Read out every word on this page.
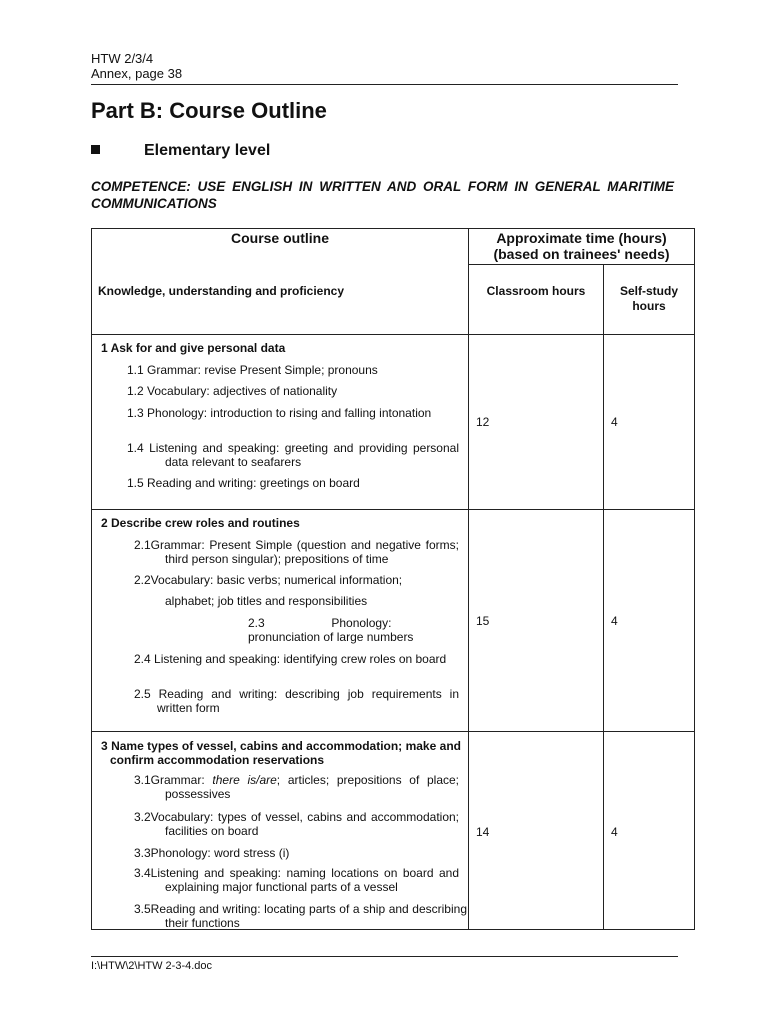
HTW 2/3/4
Annex, page 38
Part B: Course Outline
Elementary level
COMPETENCE: USE ENGLISH IN WRITTEN AND ORAL FORM IN GENERAL MARITIME COMMUNICATIONS
Course outline	Approximate time (hours)
(based on trainees' needs)
Knowledge, understanding and proficiency	Classroom hours	Self-study
hours
1 Ask for and give personal data
1.1 Grammar: revise Present Simple; pronouns
1.2 Vocabulary: adjectives of nationality
1.3 Phonology: introduction to rising and falling intonation
1.4 Listening and speaking: greeting and providing personal data relevant to seafarers
1.5 Reading and writing: greetings on board
12	4
2 Describe crew roles and routines
2.1Grammar: Present Simple (question and negative forms; third person singular); prepositions of time
2.2Vocabulary: basic verbs; numerical information;
alphabet; job titles and responsibilities
2.3                    Phonology:
pronunciation of large numbers
2.4 Listening and speaking: identifying crew roles on board
2.5 Reading and writing: describing job requirements in written form
15	4
3 Name types of vessel, cabins and accommodation; make and confirm accommodation reservations
3.1Grammar: there is/are; articles; prepositions of place; possessives
3.2Vocabulary: types of vessel, cabins and accommodation; facilities on board
3.3Phonology: word stress (i)
3.4Listening and speaking: naming locations on board and explaining major functional parts of a vessel
3.5Reading and writing: locating parts of a ship and describing their functions
14	4
I:\HTW\2\HTW 2-3-4.doc
